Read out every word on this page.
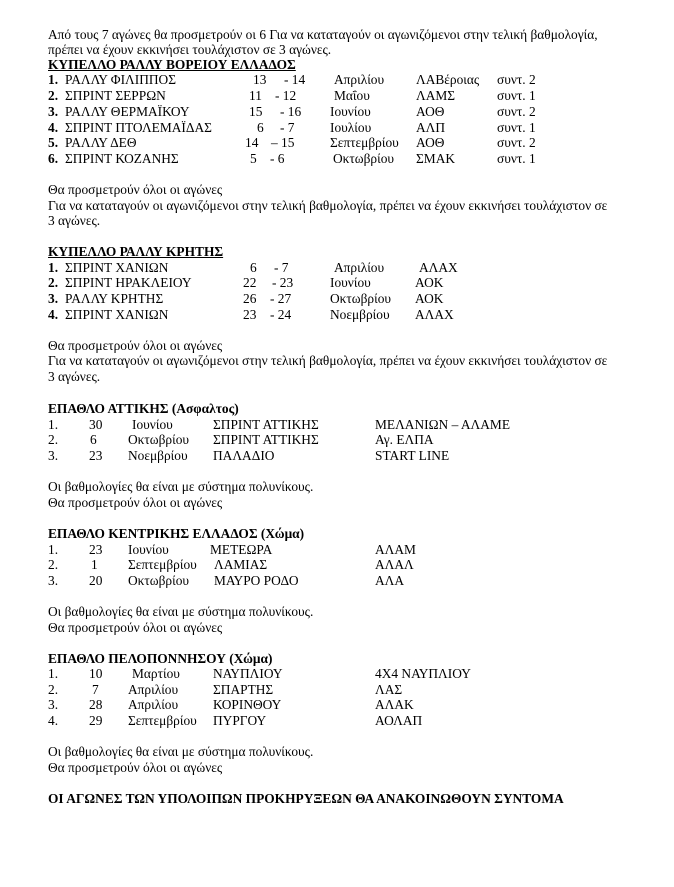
Από τους 7 αγώνες θα προσμετρούν οι 6 Για να καταταγούν οι αγωνιζόμενοι στην τελική βαθμολογία,
πρέπει να έχουν εκκινήσει τουλάχιστον σε 3 αγώνες.
ΚΥΠΕΛΛΟ ΡΑΛΛΥ ΒΟΡΕΙΟΥ ΕΛΛΑΔΟΣ
1. ΡΑΛΛΥ ΦΙΛΙΠΠΟΣ	13 - 14 Απριλίου ΛΑΒέροιας συντ. 2
2. ΣΠΡΙΝΤ ΣΕΡΡΩΝ	11 - 12	Μαΐου	ΛΑΜΣ	συντ. 1
3. ΡΑΛΛΥ ΘΕΡΜΑΪΚΟΥ	15 - 16 Ιουνίου	ΑΟΘ	συντ. 2
4. ΣΠΡΙΝΤ ΠΤΟΛΕΜΑΪΔΑΣ	6 - 7	Ιουλίου	ΑΛΠ	συντ. 1
5. ΡΑΛΛΥ ΔΕΘ	14 – 15	Σεπτεμβρίου ΑΟΘ	συντ. 2
6. ΣΠΡΙΝΤ ΚΟΖΑΝΗΣ	5 - 6	Οκτωβρίου ΣΜΑΚ	συντ. 1
Θα προσμετρούν όλοι οι αγώνες
Για να καταταγούν οι αγωνιζόμενοι στην τελική βαθμολογία, πρέπει να έχουν εκκινήσει τουλάχιστον σε
3 αγώνες.
ΚΥΠΕΛΛΟ ΡΑΛΛΥ ΚΡΗΤΗΣ
1. ΣΠΡΙΝΤ ΧΑΝΙΩΝ	6 - 7	Απριλίου	ΑΛΑΧ
2. ΣΠΡΙΝΤ ΗΡΑΚΛΕΙΟΥ	22 - 23	Ιουνίου	ΑΟΚ
3. ΡΑΛΛΥ ΚΡΗΤΗΣ	26 - 27	Οκτωβρίου ΑΟΚ
4. ΣΠΡΙΝΤ ΧΑΝΙΩΝ	23 - 24	Νοεμβρίου ΑΛΑΧ
Θα προσμετρούν όλοι οι αγώνες
Για να καταταγούν οι αγωνιζόμενοι στην τελική βαθμολογία, πρέπει να έχουν εκκινήσει τουλάχιστον σε
3 αγώνες.
ΕΠΑΘΛΟ ΑΤΤΙΚΗΣ (Ασφαλτος)
1. 30 Ιουνίου	ΣΠΡΙΝΤ ΑΤΤΙΚΗΣ	ΜΕΛΑΝΙΩΝ – ΑΛΑΜΕ
2. 6 Οκτωβρίου ΣΠΡΙΝΤ ΑΤΤΙΚΗΣ	Αγ. ΕΛΠΑ
3. 23 Νοεμβρίου ΠΑΛΑΔΙΟ	START LINE
Οι βαθμολογίες θα είναι με σύστημα πολυνίκους.
Θα προσμετρούν όλοι οι αγώνες
ΕΠΑΘΛΟ ΚΕΝΤΡΙΚΗΣ ΕΛΛΑΔΟΣ (Χώμα)
1. 23 Ιουνίου	ΜΕΤΕΩΡΑ	ΑΛΑΜ
2. 1 Σεπτεμβρίου ΛΑΜΙΑΣ	ΑΛΑΛ
3. 20 Οκτωβρίου ΜΑΥΡΟ ΡΟΔΟ	ΑΛΑ
Οι βαθμολογίες θα είναι με σύστημα πολυνίκους.
Θα προσμετρούν όλοι οι αγώνες
ΕΠΑΘΛΟ ΠΕΛΟΠΟΝΝΗΣΟΥ (Χώμα)
1. 10 Μαρτίου ΝΑΥΠΛΙΟΥ	4Χ4 ΝΑΥΠΛΙΟΥ
2.	7 Απριλίου	ΣΠΑΡΤΗΣ	ΛΑΣ
3. 28 Απριλίου	ΚΟΡΙΝΘΟΥ	ΑΛΑΚ
4. 29 Σεπτεμβρίου ΠΥΡΓΟΥ	ΑΟΛΑΠ
Οι βαθμολογίες θα είναι με σύστημα πολυνίκους.
Θα προσμετρούν όλοι οι αγώνες
ΟΙ ΑΓΩΝΕΣ ΤΩΝ ΥΠΟΛΟΙΠΩΝ ΠΡΟΚΗΡΥΞΕΩΝ ΘΑ ΑΝΑΚΟΙΝΩΘΟΥΝ ΣΥΝΤΟΜΑ
